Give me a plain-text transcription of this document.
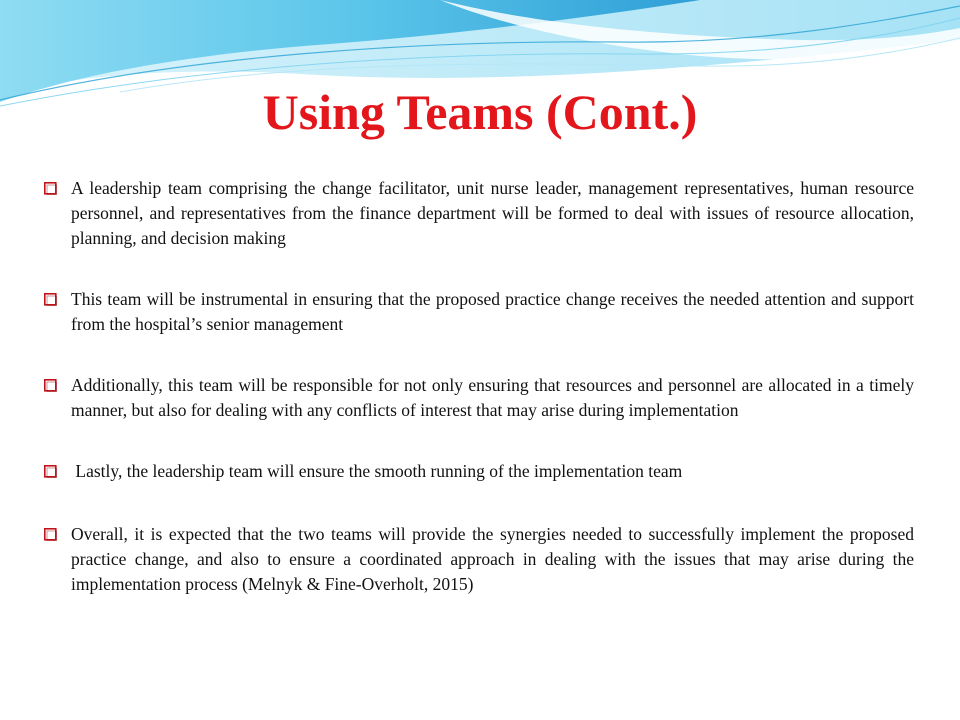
Using Teams (Cont.)
A leadership team comprising the change facilitator, unit nurse leader, management representatives, human resource personnel, and representatives from the finance department will be formed to deal with issues of resource allocation, planning, and decision making
This team will be instrumental in ensuring that the proposed practice change receives the needed attention and support from the hospital’s senior management
Additionally, this team will be responsible for not only ensuring that resources and personnel are allocated in a timely manner, but also for dealing with any conflicts of interest that may arise during implementation
Lastly, the leadership team will ensure the smooth running of the implementation team
Overall, it is expected that the two teams will provide the synergies needed to successfully implement the proposed practice change, and also to ensure a coordinated approach in dealing with the issues that may arise during the implementation process (Melnyk & Fine-Overholt, 2015)
